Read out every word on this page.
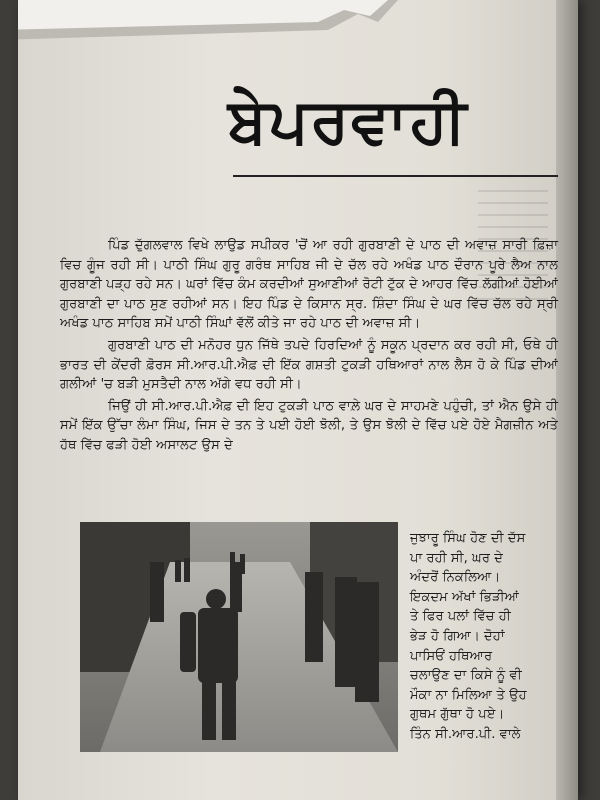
ਬੇਪਰਵਾਹੀ

ਪਿੰਡ ਦੁੱਗਲਵਾਲ ਵਿਖੇ ਲਾਉਡ ਸਪੀਕਰ 'ਚੋਂ ਆ ਰਹੀ ਗੁਰਬਾਣੀ ਦੇ ਪਾਠ ਦੀ ਅਵਾਜ਼ ਸਾਰੀ ਫ਼ਿਜ਼ਾ ਵਿਚ ਗੂੰਜ ਰਹੀ ਸੀ। ਪਾਠੀ ਸਿੰਘ ਗੁਰੂ ਗਰੰਥ ਸਾਹਿਬ ਜੀ ਦੇ ਚੱਲ ਰਹੇ ਅਖੰਡ ਪਾਠ ਦੌਰਾਨ ਪੂਰੇ ਲੈਅ ਨਾਲ ਗੁਰਬਾਣੀ ਪੜ੍ਹ ਰਹੇ ਸਨ। ਘਰਾਂ ਵਿੱਚ ਕੰਮ ਕਰਦੀਆਂ ਸੁਆਣੀਆਂ ਰੋਟੀ ਟੁੱਕ ਦੇ ਆਹਰ ਵਿੱਚ ਲੱਗੀਆਂ ਹੋਈਆਂ ਗੁਰਬਾਣੀ ਦਾ ਪਾਠ ਸੁਣ ਰਹੀਆਂ ਸਨ। ਇਹ ਪਿੰਡ ਦੇ ਕਿਸਾਨ ਸ੍ਰ. ਸ਼ਿੰਦਾ ਸਿੰਘ ਦੇ ਘਰ ਵਿੱਚ ਚੱਲ ਰਹੇ ਸ੍ਰੀ ਅਖੰਡ ਪਾਠ ਸਾਹਿਬ ਸਮੇਂ ਪਾਠੀ ਸਿੰਘਾਂ ਵੱਲੋਂ ਕੀਤੇ ਜਾ ਰਹੇ ਪਾਠ ਦੀ ਅਵਾਜ਼ ਸੀ।

ਗੁਰਬਾਣੀ ਪਾਠ ਦੀ ਮਨੋਹਰ ਧੁਨ ਜਿੱਥੇ ਤਪਦੇ ਹਿਰਦਿਆਂ ਨੂੰ ਸਕੂਨ ਪ੍ਰਦਾਨ ਕਰ ਰਹੀ ਸੀ, ਓਥੇ ਹੀ ਭਾਰਤ ਦੀ ਕੇਂਦਰੀ ਫ਼ੋਰਸ ਸੀ.ਆਰ.ਪੀ.ਐਫ਼ ਦੀ ਇੱਕ ਗਸ਼ਤੀ ਟੁਕੜੀ ਹਥਿਆਰਾਂ ਨਾਲ ਲੈਸ ਹੋ ਕੇ ਪਿੰਡ ਦੀਆਂ ਗਲੀਆਂ 'ਚ ਬੜੀ ਮੁਸਤੈਦੀ ਨਾਲ ਅੱਗੇ ਵਧ ਰਹੀ ਸੀ।

ਜਿਉਂ ਹੀ ਸੀ.ਆਰ.ਪੀ.ਐਫ਼ ਦੀ ਇਹ ਟੁਕੜੀ ਪਾਠ ਵਾਲ਼ੇ ਘਰ ਦੇ ਸਾਹਮਣੇ ਪਹੁੰਚੀ, ਤਾਂ ਐਨ ਉਸੇ ਹੀ ਸਮੇਂ ਇੱਕ ਉੱਚਾ ਲੰਮਾ ਸਿੰਘ, ਜਿਸ ਦੇ ਤਨ ਤੇ ਪਈ ਹੋਈ ਝੋਲੀ, ਤੇ ਉਸ ਝੋਲੀ ਦੇ ਵਿੱਚ ਪਏ ਹੋਏ ਮੈਗਜ਼ੀਨ ਅਤੇ ਹੱਥ ਵਿੱਚ ਫੜੀ ਹੋਈ ਅਸਾਲਟ ਉਸ ਦੇ

ਜੁਝਾਰੂ ਸਿੰਘ ਹੋਣ ਦੀ ਦੱਸ
ਪਾ ਰਹੀ ਸੀ, ਘਰ ਦੇ
ਅੰਦਰੋਂ ਨਿਕਲਿਆ।
ਇਕਦਮ ਅੱਖਾਂ ਭਿੜੀਆਂ
ਤੇ ਫਿਰ ਪਲਾਂ ਵਿੱਚ ਹੀ
ਭੇੜ ਹੋ ਗਿਆ। ਦੋਹਾਂ
ਪਾਸਿਓਂ ਹਥਿਆਰ
ਚਲਾਉਣ ਦਾ ਕਿਸੇ ਨੂੰ ਵੀ
ਮੌਕਾ ਨਾ ਮਿਲਿਆ ਤੇ ਉਹ
ਗੁਥਮ ਗੁੱਥਾ ਹੋ ਪਏ।
ਤਿੰਨ ਸੀ.ਆਰ.ਪੀ. ਵਾਲੇ
